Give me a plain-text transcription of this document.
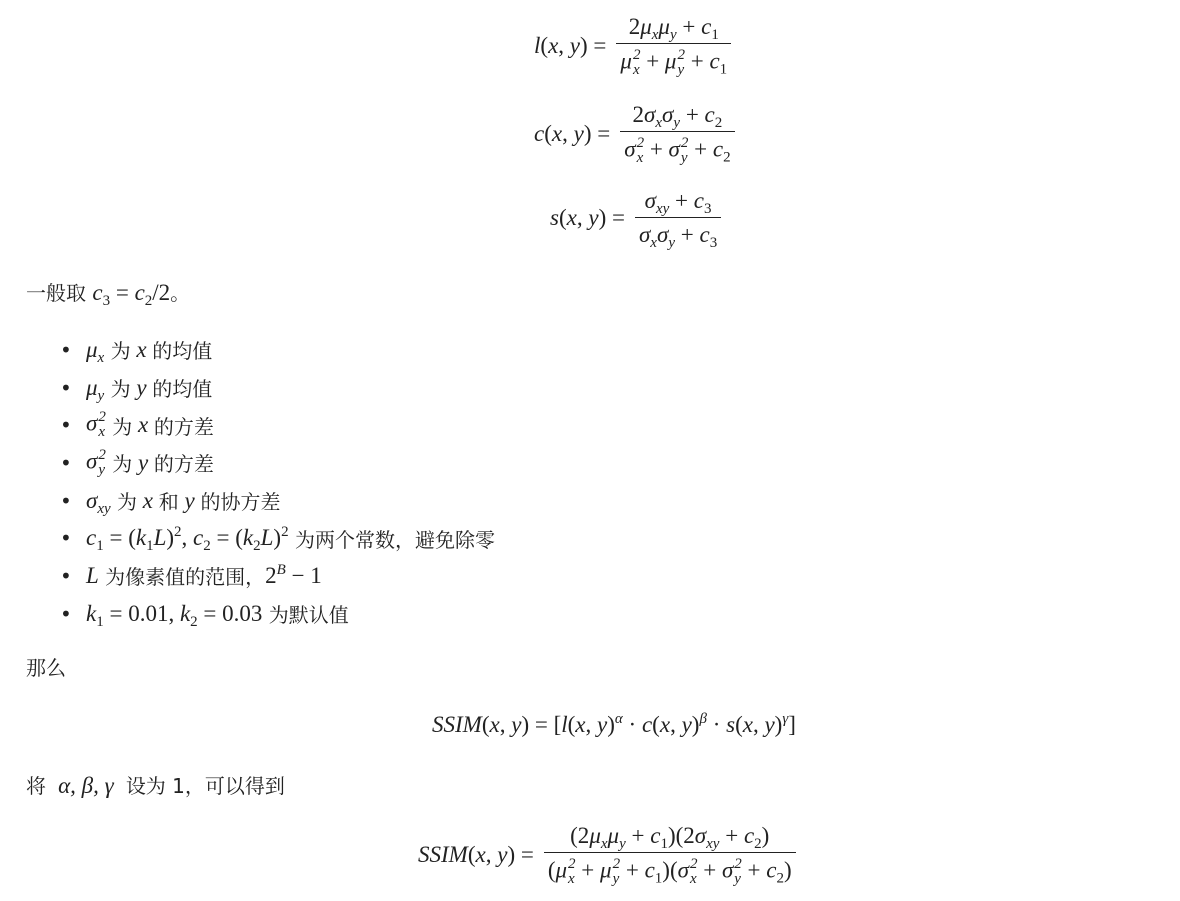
l(x, $y) = 2\mu_x\mu_y + c_1$
μ 2
x + μ 2
$y + c_1$
c(x, $y) = 2\sigma_x\sigma_y + c_2$
σ 2
x + σ 2
$y + c_2$
s(x, $y) = \frac{\sigma_{xy} + c_3}{\sigma_x\sigma_y + c_3}$
一般取 $c_3 = c_2/2$。
• $\mu_x$ 为 x 的均值
• $\mu_y$ 为 y 的均值
• σ 2
x 为 x 的方差
• σ 2
y 为 y 的方差
• $\sigma_{xy}$ 为 x 和 y 的协方差
• $c_1 = (k_1L)^2$, $c_2 = (k_2L)^2$ 为两个常数，避免除零
• L 为像素值的范围， $2^B - 1$
• $k_1 = 0.01$, $k_2 = 0.03$ 为默认值
那么
SSIM(x, y) = [l(x, y)$^\alpha$ · c(x, y)$^\beta$ · s(x, y)$^\gamma$]
将  α, β, γ  设为 1，可以得到
SSIM(x, $y) = (2\mu_x\mu_y + c_1)(2\sigma_{xy} + c_2)$
(μ 2
x + μ 2
$y + c_1)(\sigma$ 2
x + σ 2
$y + c_2$)
